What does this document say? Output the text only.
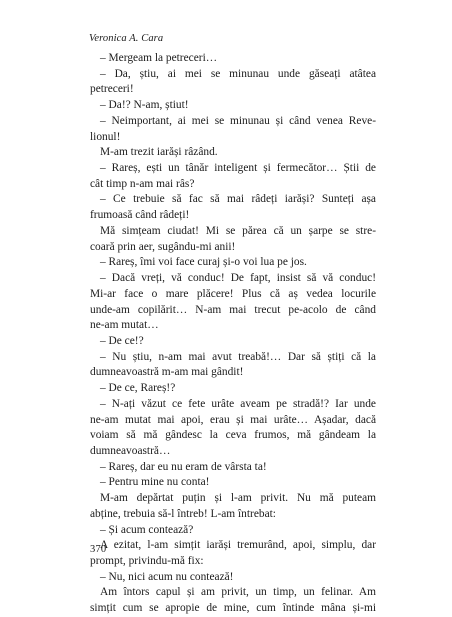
Veronica A. Cara
– Mergeam la petreceri…
– Da, știu, ai mei se minunau unde găseați atâtea
petreceri!
– Da!? N-am, știut!
– Neimportant, ai mei se minunau și când venea Reve-
lionul!
M-am trezit iarăși râzând.
– Rareș, ești un tânăr inteligent și fermecător… Știi de
cât timp n-am mai râs?
– Ce trebuie să fac să mai râdeți iarăși? Sunteți așa
frumoasă când râdeți!
Mă simțeam ciudat! Mi se părea că un șarpe se stre-
coară prin aer, sugându-mi anii!
– Rareș, îmi voi face curaj și-o voi lua pe jos.
– Dacă vreți, vă conduc! De fapt, insist să vă conduc!
Mi-ar face o mare plăcere! Plus că aș vedea locurile
unde-am copilărit… N-am mai trecut pe-acolo de când
ne-am mutat…
– De ce!?
– Nu știu, n-am mai avut treabă!… Dar să știți că la
dumneavoastră m-am mai gândit!
– De ce, Rareș!?
– N-ați văzut ce fete urâte aveam pe stradă!? Iar unde
ne-am mutat mai apoi, erau și mai urâte… Așadar, dacă
voiam să mă gândesc la ceva frumos, mă gândeam la
dumneavoastră…
– Rareș, dar eu nu eram de vârsta ta!
– Pentru mine nu conta!
M-am depărtat puțin și l-am privit. Nu mă puteam
abține, trebuia să-l întreb! L-am întrebat:
– Și acum contează?
A ezitat, l-am simțit iarăși tremurând, apoi, simplu, dar
prompt, privindu-mă fix:
– Nu, nici acum nu contează!
Am întors capul și am privit, un timp, un felinar. Am
simțit cum se apropie de mine, cum întinde mâna și-mi
370
